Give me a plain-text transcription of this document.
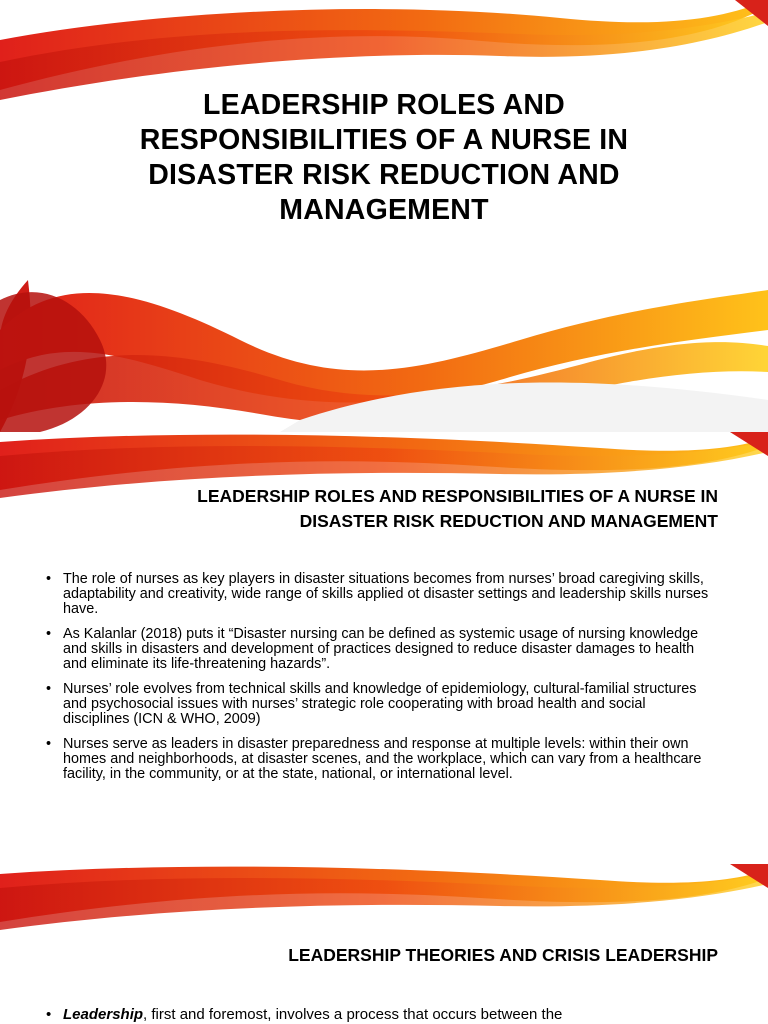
LEADERSHIP ROLES AND RESPONSIBILITIES OF A NURSE IN DISASTER RISK REDUCTION AND MANAGEMENT
LEADERSHIP ROLES AND RESPONSIBILITIES OF A NURSE IN DISASTER RISK REDUCTION AND MANAGEMENT
• The role of nurses as key players in disaster situations becomes from nurses’ broad caregiving skills, adaptability and creativity, wide range of skills applied ot disaster settings and leadership skills nurses have.
• As Kalanlar (2018) puts it “Disaster nursing can be defined as systemic usage of nursing knowledge and skills in disasters and development of practices designed to reduce disaster damages to health and eliminate its life-threatening hazards”.
• Nurses’ role evolves from technical skills and knowledge of epidemiology, cultural-familial structures and psychosocial issues with nurses’ strategic role cooperating with broad health and social disciplines (ICN & WHO, 2009)
• Nurses serve as leaders in disaster preparedness and response at multiple levels: within their own homes and neighborhoods, at disaster scenes, and the workplace, which can vary from a healthcare facility, in the community, or at the state, national, or international level.
LEADERSHIP THEORIES AND CRISIS LEADERSHIP
• Leadership, first and foremost, involves a process that occurs between the
